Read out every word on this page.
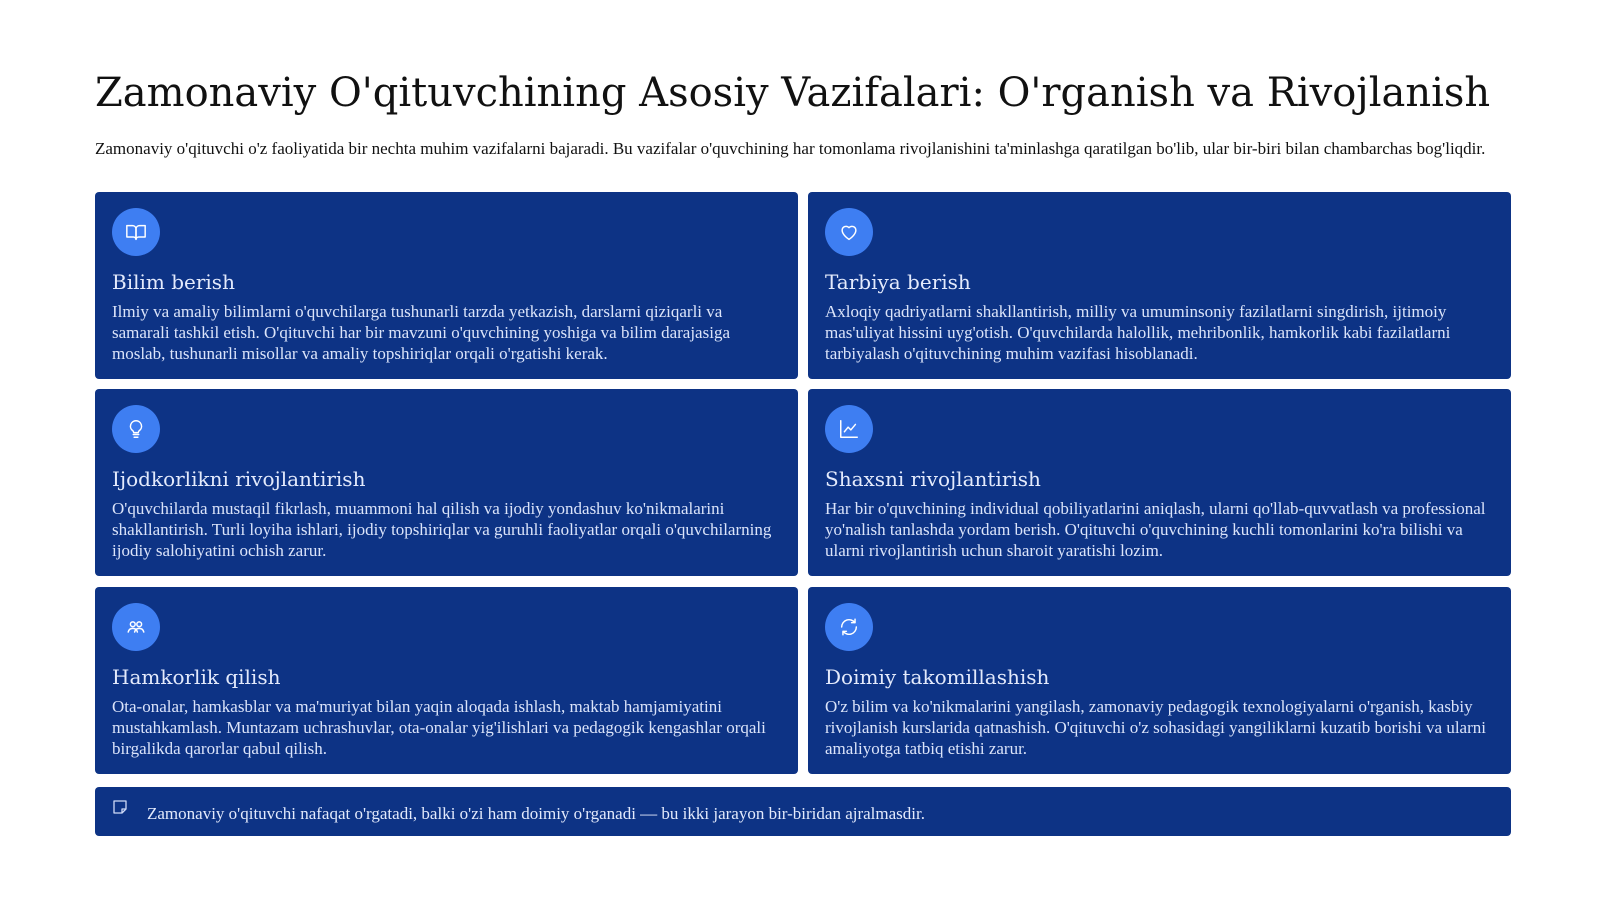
Zamonaviy O'qituvchining Asosiy Vazifalari: O'rganish va Rivojlanish

Zamonaviy o'qituvchi o'z faoliyatida bir nechta muhim vazifalarni bajaradi. Bu vazifalar o'quvchining har tomonlama rivojlanishini ta'minlashga qaratilgan bo'lib, ular bir-biri bilan chambarchas bog'liqdir.

Bilim berish

Ilmiy va amaliy bilimlarni o'quvchilarga tushunarli tarzda yetkazish, darslarni qiziqarli va samarali tashkil etish. O'qituvchi har bir mavzuni o'quvchining yoshiga va bilim darajasiga moslab, tushunarli misollar va amaliy topshiriqlar orqali o'rgatishi kerak.

Tarbiya berish

Axloqiy qadriyatlarni shakllantirish, milliy va umuminsoniy fazilatlarni singdirish, ijtimoiy mas'uliyat hissini uyg'otish. O'quvchilarda halollik, mehribonlik, hamkorlik kabi fazilatlarni tarbiyalash o'qituvchining muhim vazifasi hisoblanadi.

Ijodkorlikni rivojlantirish

O'quvchilarda mustaqil fikrlash, muammoni hal qilish va ijodiy yondashuv ko'nikmalarini shakllantirish. Turli loyiha ishlari, ijodiy topshiriqlar va guruhli faoliyatlar orqali o'quvchilarning ijodiy salohiyatini ochish zarur.

Shaxsni rivojlantirish

Har bir o'quvchining individual qobiliyatlarini aniqlash, ularni qo'llab-quvvatlash va professional yo'nalish tanlashda yordam berish. O'qituvchi o'quvchining kuchli tomonlarini ko'ra bilishi va ularni rivojlantirish uchun sharoit yaratishi lozim.

Hamkorlik qilish

Ota-onalar, hamkasblar va ma'muriyat bilan yaqin aloqada ishlash, maktab hamjamiyatini mustahkamlash. Muntazam uchrashuvlar, ota-onalar yig'ilishlari va pedagogik kengashlar orqali birgalikda qarorlar qabul qilish.

Doimiy takomillashish

O'z bilim va ko'nikmalarini yangilash, zamonaviy pedagogik texnologiyalarni o'rganish, kasbiy rivojlanish kurslarida qatnashish. O'qituvchi o'z sohasidagi yangiliklarni kuzatib borishi va ularni amaliyotga tatbiq etishi zarur.

Zamonaviy o'qituvchi nafaqat o'rgatadi, balki o'zi ham doimiy o'rganadi — bu ikki jarayon bir-biridan ajralmasdir.
